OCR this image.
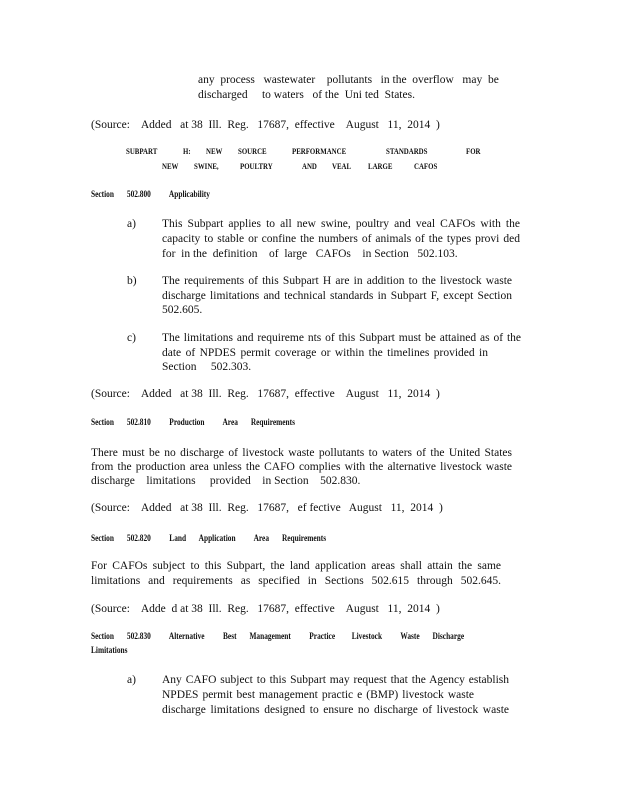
any  process   wastewater    pollutants   in the  overflow   may  be
discharged     to waters   of the  Uni ted  States.
(Source:    Added   at 38  Ill.  Reg.   17687,  effective    August   11,  2014  )
SUBPART	H: NEW SOURCE	PERFORMANCE	STANDARDS	FOR
NEW SWINE,	POULTRY	AND VEAL LARGE	CAFOS
Section       502.800          Applicability
a) This Subpart applies to all new swine, poultry and veal CAFOs with the
capacity to stable or confine the numbers of animals of the types provi ded
for  in the  definition    of  large   CAFOs    in Section   502.103.
b) The requirements of this Subpart H are in addition to the livestock waste
discharge limitations and technical standards in Subpart F, except Section
502.605.
c) The limitations and requireme nts of this Subpart must be attained as of the
date of NPDES permit coverage or within the timelines provided in
Section     502.303.
(Source:    Added   at 38  Ill.  Reg.   17687,  effective    August   11,  2014  )
Section       502.810          Production          Area       Requirements
There must be no discharge of livestock waste pollutants to waters of the United States
from the production area unless the CAFO complies with the alternative livestock waste
discharge    limitations     provided    in Section    502.830.
(Source:    Added   at 38  Ill.  Reg.   17687,   ef fective   August   11,  2014  )
Section       502.820          Land       Application          Area       Requirements
For CAFOs subject to this Subpart, the land application areas shall attain the same
limitations and requirements as specified in Sections 502.615 through 502.645.
(Source:    Adde  d at 38  Ill.  Reg.   17687,  effective    August   11,  2014  )
Section       502.830          Alternative          Best       Management          Practice         Livestock          Waste       Discharge
Limitations
a) Any CAFO subject to this Subpart may request that the Agency establish
NPDES permit best management practic e (BMP) livestock waste
discharge limitations designed to ensure no discharge of livestock waste
